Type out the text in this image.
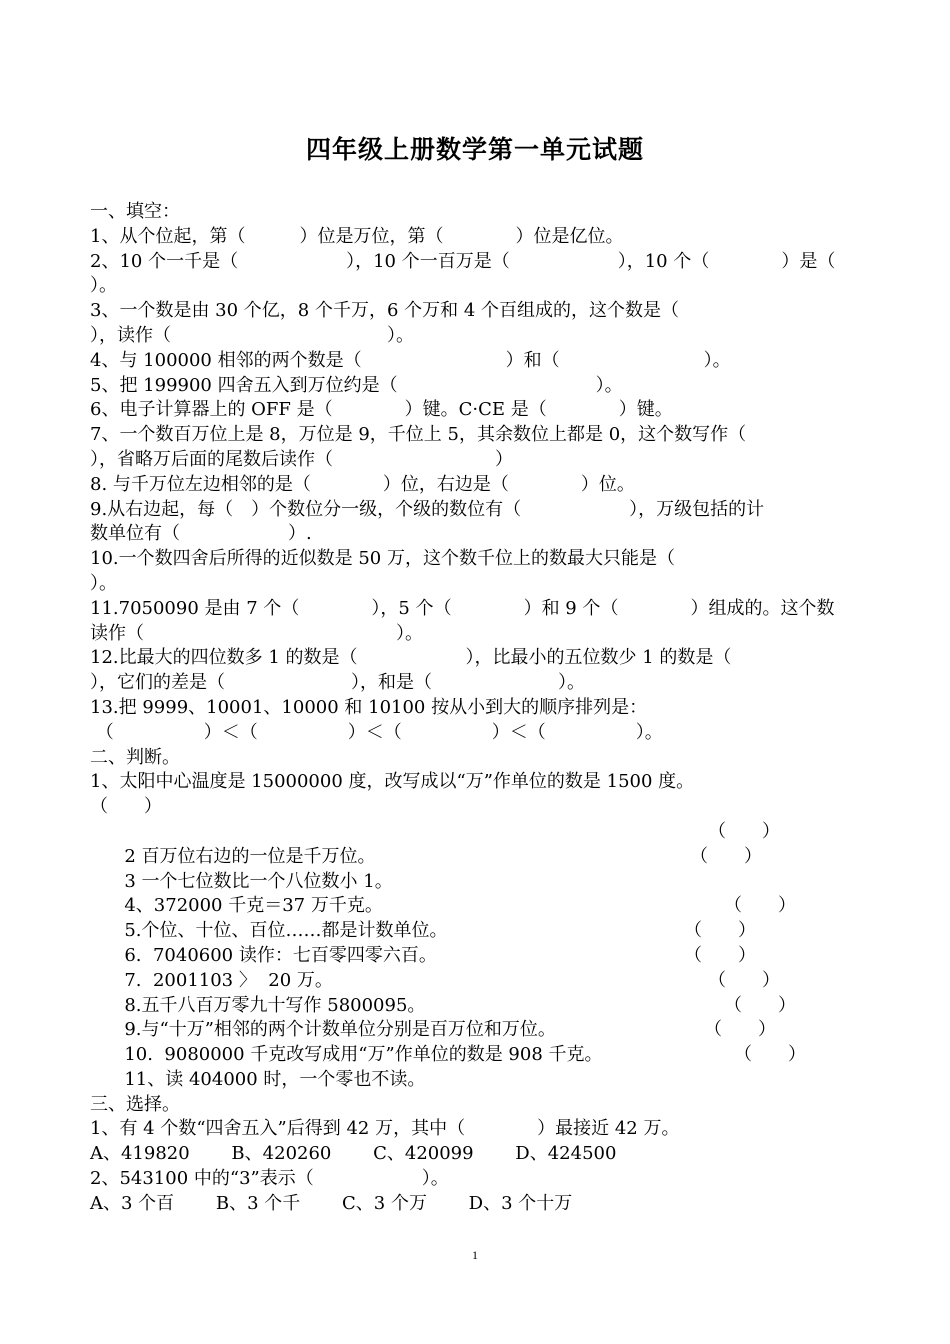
四年级上册数学第一单元试题
一、填空：
1、从个位起，第（　　　）位是万位，第（　　　　）位是亿位。
2、10 个一千是（　　　　　　），10 个一百万是（　　　　　　），10 个（　　　　）是（
）。
3、一个数是由 30 个亿，8 个千万，6 个万和 4 个百组成的，这个数是（
），读作（　　　　　　　　　　　　）。
4、与 100000 相邻的两个数是（　　　　　　　　）和（　　　　　　　　）。
5、把 199900 四舍五入到万位约是（　　　　　　　　　　　）。
6、电子计算器上的 OFF 是（　　　　）键。C·CE 是（　　　　）键。
7、一个数百万位上是 8，万位是 9，千位上 5，其余数位上都是 0，这个数写作（
），省略万后面的尾数后读作（　　　　　　　　　）
8. 与千万位左边相邻的是（　　　　）位，右边是（　　　　）位。
9.从右边起，每（　）个数位分一级，个级的数位有（　　　　　　），万级包括的计
数单位有（　　　　　　）.
10.一个数四舍后所得的近似数是 50 万，这个数千位上的数最大只能是（
）。
11.7050090 是由 7 个（　　　　），5 个（　　　　）和 9 个（　　　　）组成的。这个数
读作（　　　　　　　　　　　　　　）。
12.比最大的四位数多 1 的数是（　　　　　　），比最小的五位数少 1 的数是（
），它们的差是（　　　　　　　），和是（　　　　　　　）。
13.把 9999、10001、10000 和 10100 按从小到大的顺序排列是：
（　　　　　）＜（　　　　　）＜（　　　　　）＜（　　　　　）。
二、判断。
1、太阳中心温度是 15000000 度，改写成以“万”作单位的数是 1500 度。
（　　）

2 百万位右边的一位是千万位。

（　　）

3 一个七位数比一个八位数小 1。

（　　）

4、372000 千克＝37 万千克。

5.个位、十位、百位……都是计数单位。

（　　）

6.  7040600 读作：七百零四零六百。

（　　）

7.  2001103 〉  20 万。

（　　）

8.五千八百万零九十写作 5800095。

（　　）

9.与“十万”相邻的两个计数单位分别是百万位和万位。

（　　）

10.  9080000 千克改写成用“万”作单位的数是 908 千克。

（　　）

11、读 404000 时，一个零也不读。

（　　）

三、选择。
1、有 4 个数“四舍五入”后得到 42 万，其中（　　　　）最接近 42 万。
A、419820　　 B、420260　　 C、420099　　 D、424500
2、543100 中的“3”表示（　　　　　　）。
A、3 个百　　 B、3 个千　　 C、3 个万　　 D、3 个十万
1
